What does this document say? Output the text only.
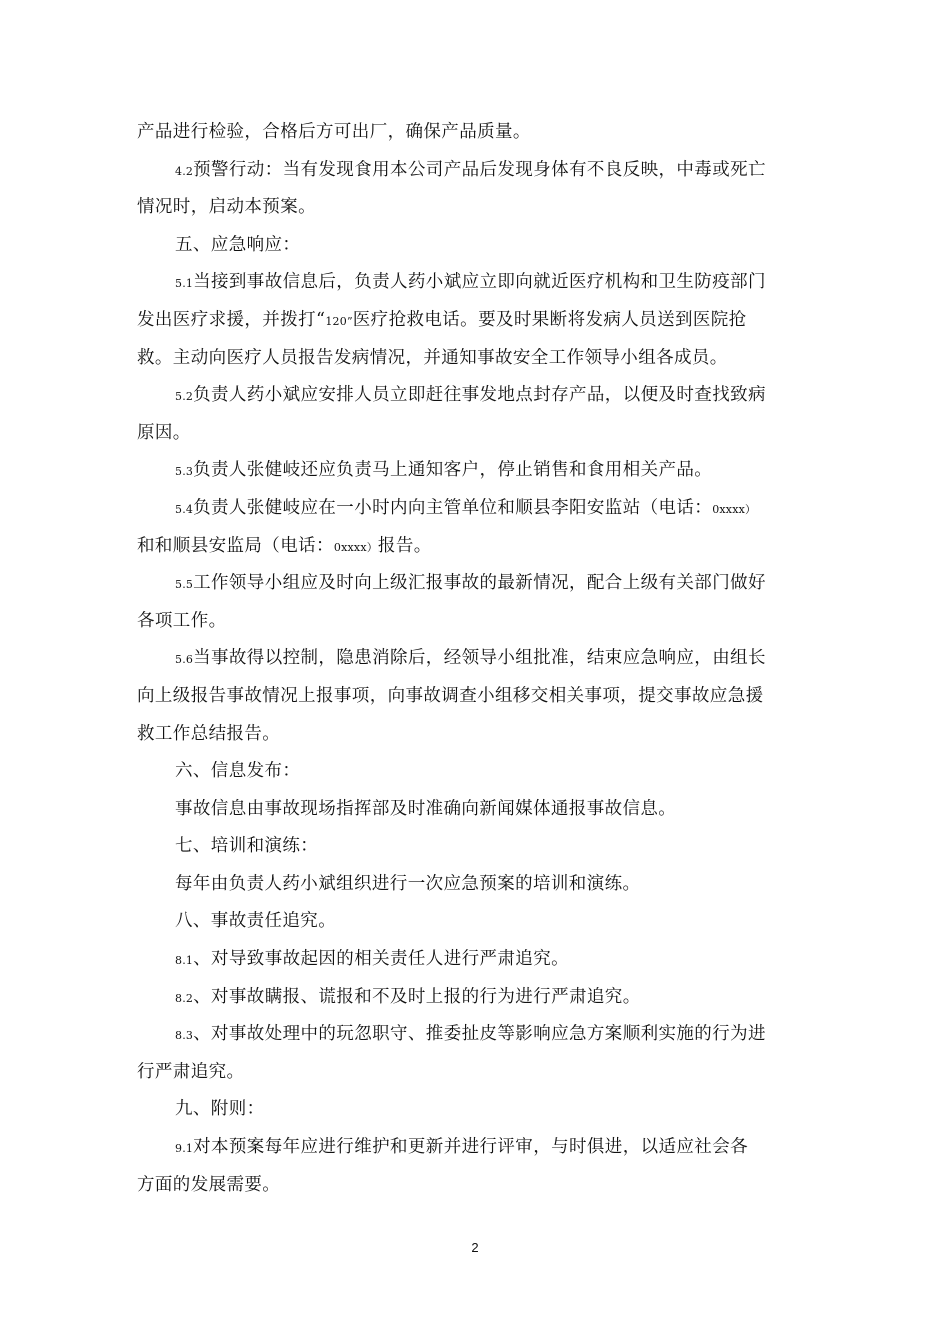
产品进行检验，合格后方可出厂，确保产品质量。
4.2预警行动：当有发现食用本公司产品后发现身体有不良反映，中毒或死亡
情况时，启动本预案。
五、应急响应：
5.1当接到事故信息后，负责人药小斌应立即向就近医疗机构和卫生防疫部门
发出医疗求援，并拨打“120”医疗抢救电话。要及时果断将发病人员送到医院抢
救。主动向医疗人员报告发病情况，并通知事故安全工作领导小组各成员。
5.2负责人药小斌应安排人员立即赶往事发地点封存产品，以便及时查找致病
原因。
5.3负责人张健岐还应负责马上通知客户，停止销售和食用相关产品。
5.4负责人张健岐应在一小时内向主管单位和顺县李阳安监站（电话：0xxxx）
和和顺县安监局（电话：0xxxx）报告。
5.5工作领导小组应及时向上级汇报事故的最新情况，配合上级有关部门做好
各项工作。
5.6当事故得以控制，隐患消除后，经领导小组批准，结束应急响应，由组长
向上级报告事故情况上报事项，向事故调查小组移交相关事项，提交事故应急援
救工作总结报告。
六、信息发布：
事故信息由事故现场指挥部及时准确向新闻媒体通报事故信息。
七、培训和演练：
每年由负责人药小斌组织进行一次应急预案的培训和演练。
八、事故责任追究。
8.1、对导致事故起因的相关责任人进行严肃追究。
8.2、对事故瞒报、谎报和不及时上报的行为进行严肃追究。
8.3、对事故处理中的玩忽职守、推委扯皮等影响应急方案顺利实施的行为进
行严肃追究。
九、附则：
9.1对本预案每年应进行维护和更新并进行评审，与时俱进，以适应社会各
方面的发展需要。
2
